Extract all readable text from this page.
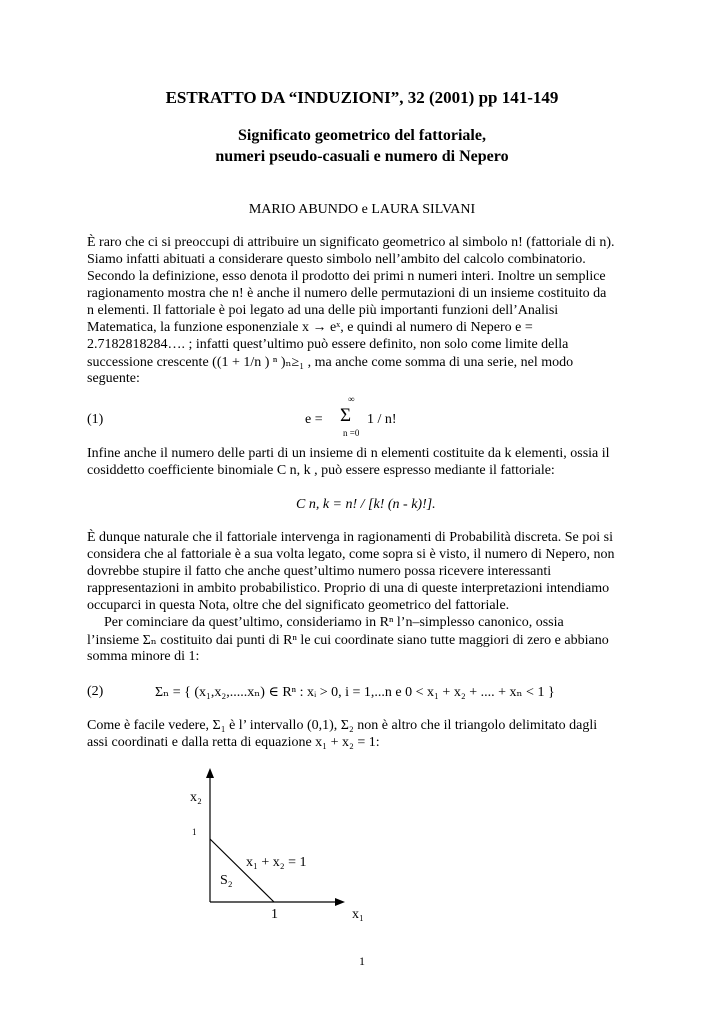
ESTRATTO DA “INDUZIONI”, 32 (2001) pp 141-149
Significato geometrico del fattoriale,
numeri pseudo-casuali e numero di Nepero
MARIO ABUNDO e LAURA SILVANI
È raro che ci si preoccupi di attribuire un significato geometrico al simbolo n! (fattoriale di n).
Siamo infatti abituati a considerare questo simbolo nell’ambito del calcolo combinatorio.
Secondo la definizione, esso denota il prodotto dei primi n numeri interi. Inoltre un semplice
ragionamento mostra che n! è anche il numero delle permutazioni di un insieme costituito da
n elementi. Il fattoriale è poi legato ad una delle più importanti funzioni dell’Analisi
Matematica, la funzione esponenziale x → eˣ, e quindi al numero di Nepero e =
2.7182818284…. ; infatti quest’ultimo può essere definito, non solo come limite della
successione crescente ((1 + 1/n ) ⁿ )ₙ≥₁ , ma anche come somma di una serie, nel modo
seguente:
(1)	e =
∞
Σ
n =0
1 / n!
Infine anche il numero delle parti di un insieme di n elementi costituite da k elementi, ossia il
cosiddetto coefficiente binomiale C n, k , può essere espresso mediante il fattoriale:
C n, k = n! / [k! (n - k)!].
È dunque naturale che il fattoriale intervenga in ragionamenti di Probabilità discreta. Se poi si
considera che al fattoriale è a sua volta legato, come sopra si è visto, il numero di Nepero, non
dovrebbe stupire il fatto che anche quest’ultimo numero possa ricevere interessanti
rappresentazioni in ambito probabilistico. Proprio di una di queste interpretazioni intendiamo
occuparci in questa Nota, oltre che del significato geometrico del fattoriale.
Per cominciare da quest’ultimo, consideriamo in Rⁿ l’n–simplesso canonico, ossia
l’insieme Σₙ costituito dai punti di Rⁿ le cui coordinate siano tutte maggiori di zero e abbiano
somma minore di 1:
(2)	Σₙ = { (x₁,x₂,.....xₙ) ∈ Rⁿ : xᵢ > 0, i = 1,...n e 0 < x₁ + x₂ + .... + xₙ < 1 }
Come è facile vedere, Σ₁ è l’ intervallo (0,1), Σ₂ non è altro che il triangolo delimitato dagli
assi coordinati e dalla retta di equazione x₁ + x₂ = 1:
x₂
1
x₁ + x₂ = 1
S₂
1	x₁
1
